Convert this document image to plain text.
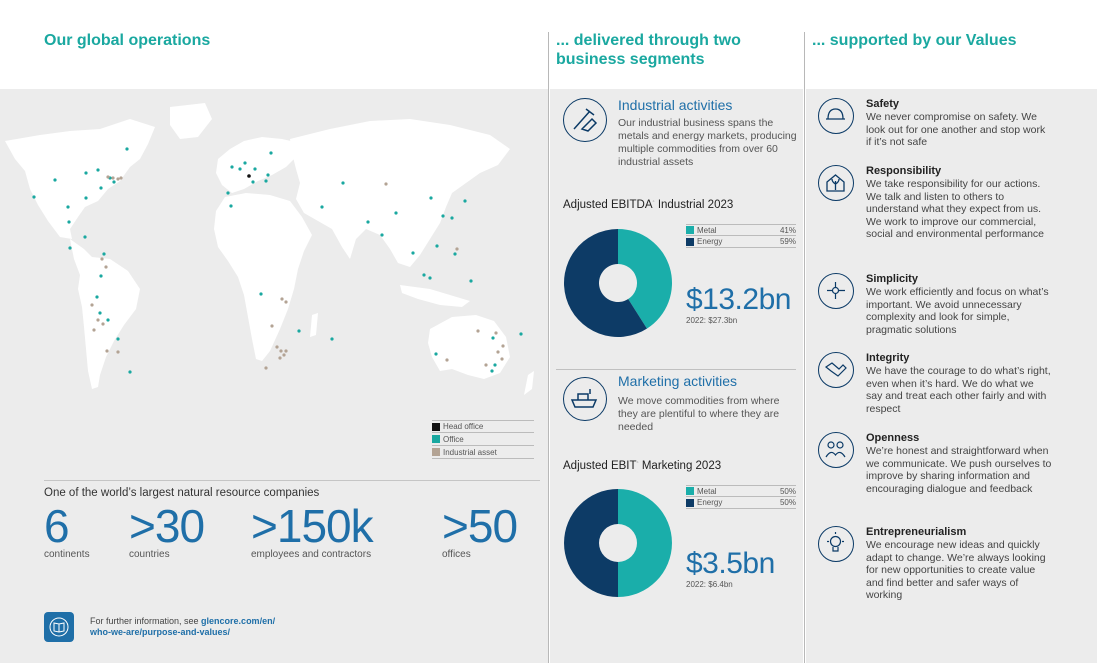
Our global operations	... delivered through two business segments
... supported by our Values
Head office
Office
Industrial asset
One of the world’s largest natural resource companies
6
continents
>30
countries
>150k
employees and contractors
>50
offices
For further information, see glencore.com/en/
who-we-are/purpose-and-values/
Industrial activities
Our industrial business spans the metals and energy markets, producing multiple commodities from over 60 industrial assets
Adjusted EBITDA◦ Industrial 2023
Metal	41%
Energy	59%
$13.2bn
2022: $27.3bn
Marketing activities
We move commodities from where they are plentiful to where they are needed
Adjusted EBIT◦ Marketing 2023
Metal	50%
Energy	50%
$3.5bn
2022: $6.4bn
Safety
We never compromise on safety. We look out for one another and stop work if it’s not safe
Responsibility
We take responsibility for our actions. We talk and listen to others to understand what they expect from us. We work to improve our commercial, social and environmental performance
Simplicity
We work efficiently and focus on what’s important. We avoid unnecessary complexity and look for simple, pragmatic solutions
Integrity
We have the courage to do what’s right, even when it’s hard. We do what we say and treat each other fairly and with respect
Openness
We’re honest and straightforward when we communicate. We push ourselves to improve by sharing information and encouraging dialogue and feedback
Entrepreneurialism
We encourage new ideas and quickly adapt to change. We’re always looking for new opportunities to create value and find better and safer ways of working
